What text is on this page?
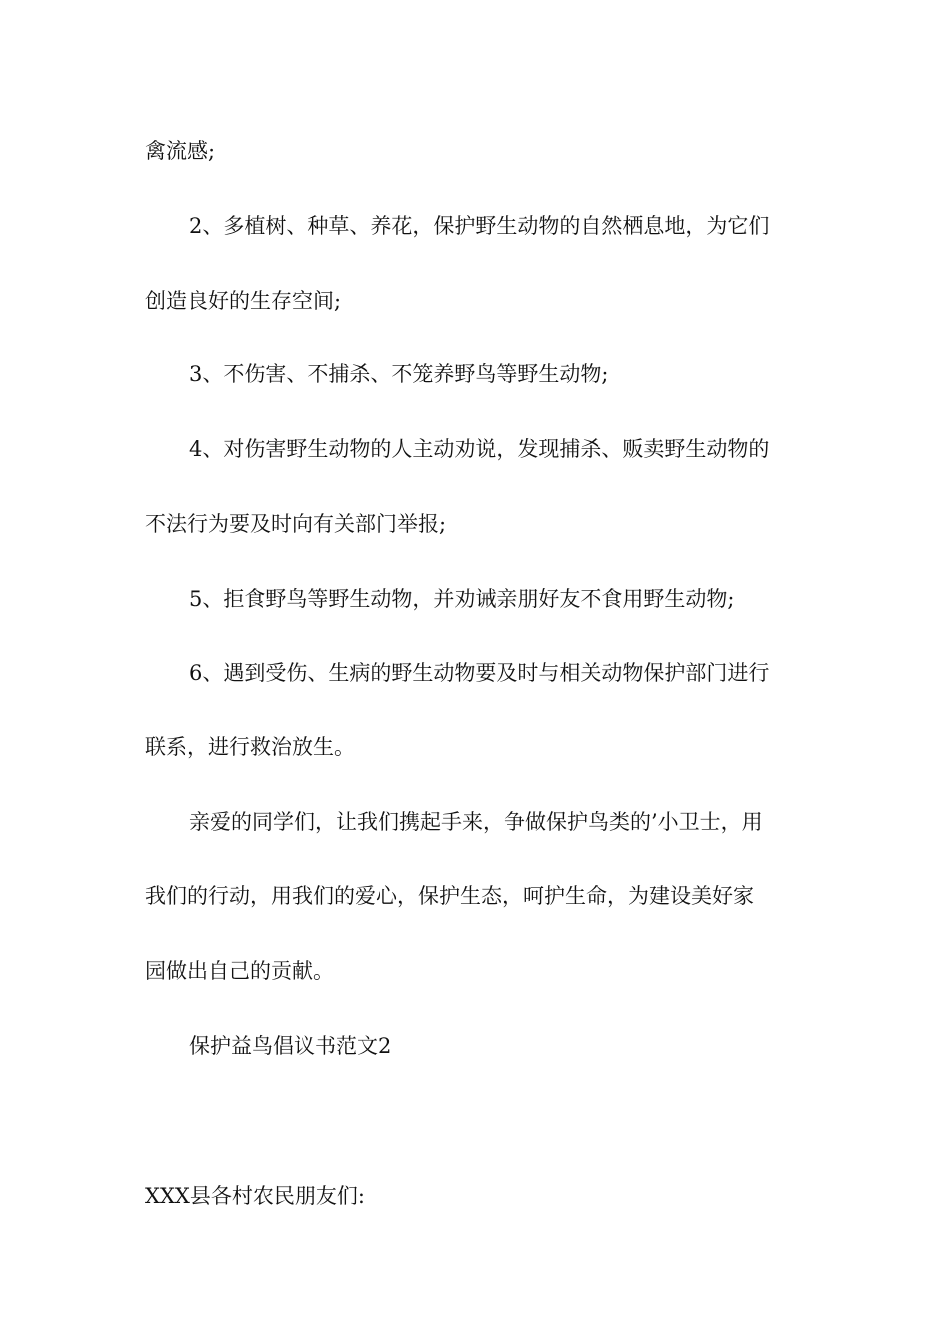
禽流感;
2、多植树、种草、养花，保护野生动物的自然栖息地，为它们
创造良好的生存空间;
3、不伤害、不捕杀、不笼养野鸟等野生动物;
4、对伤害野生动物的人主动劝说，发现捕杀、贩卖野生动物的
不法行为要及时向有关部门举报;
5、拒食野鸟等野生动物，并劝诫亲朋好友不食用野生动物;
6、遇到受伤、生病的野生动物要及时与相关动物保护部门进行
联系，进行救治放生。
亲爱的同学们，让我们携起手来，争做保护鸟类的’小卫士，用
我们的行动，用我们的爱心，保护生态，呵护生命，为建设美好家
园做出自己的贡献。
保护益鸟倡议书范文2
XXX县各村农民朋友们:
